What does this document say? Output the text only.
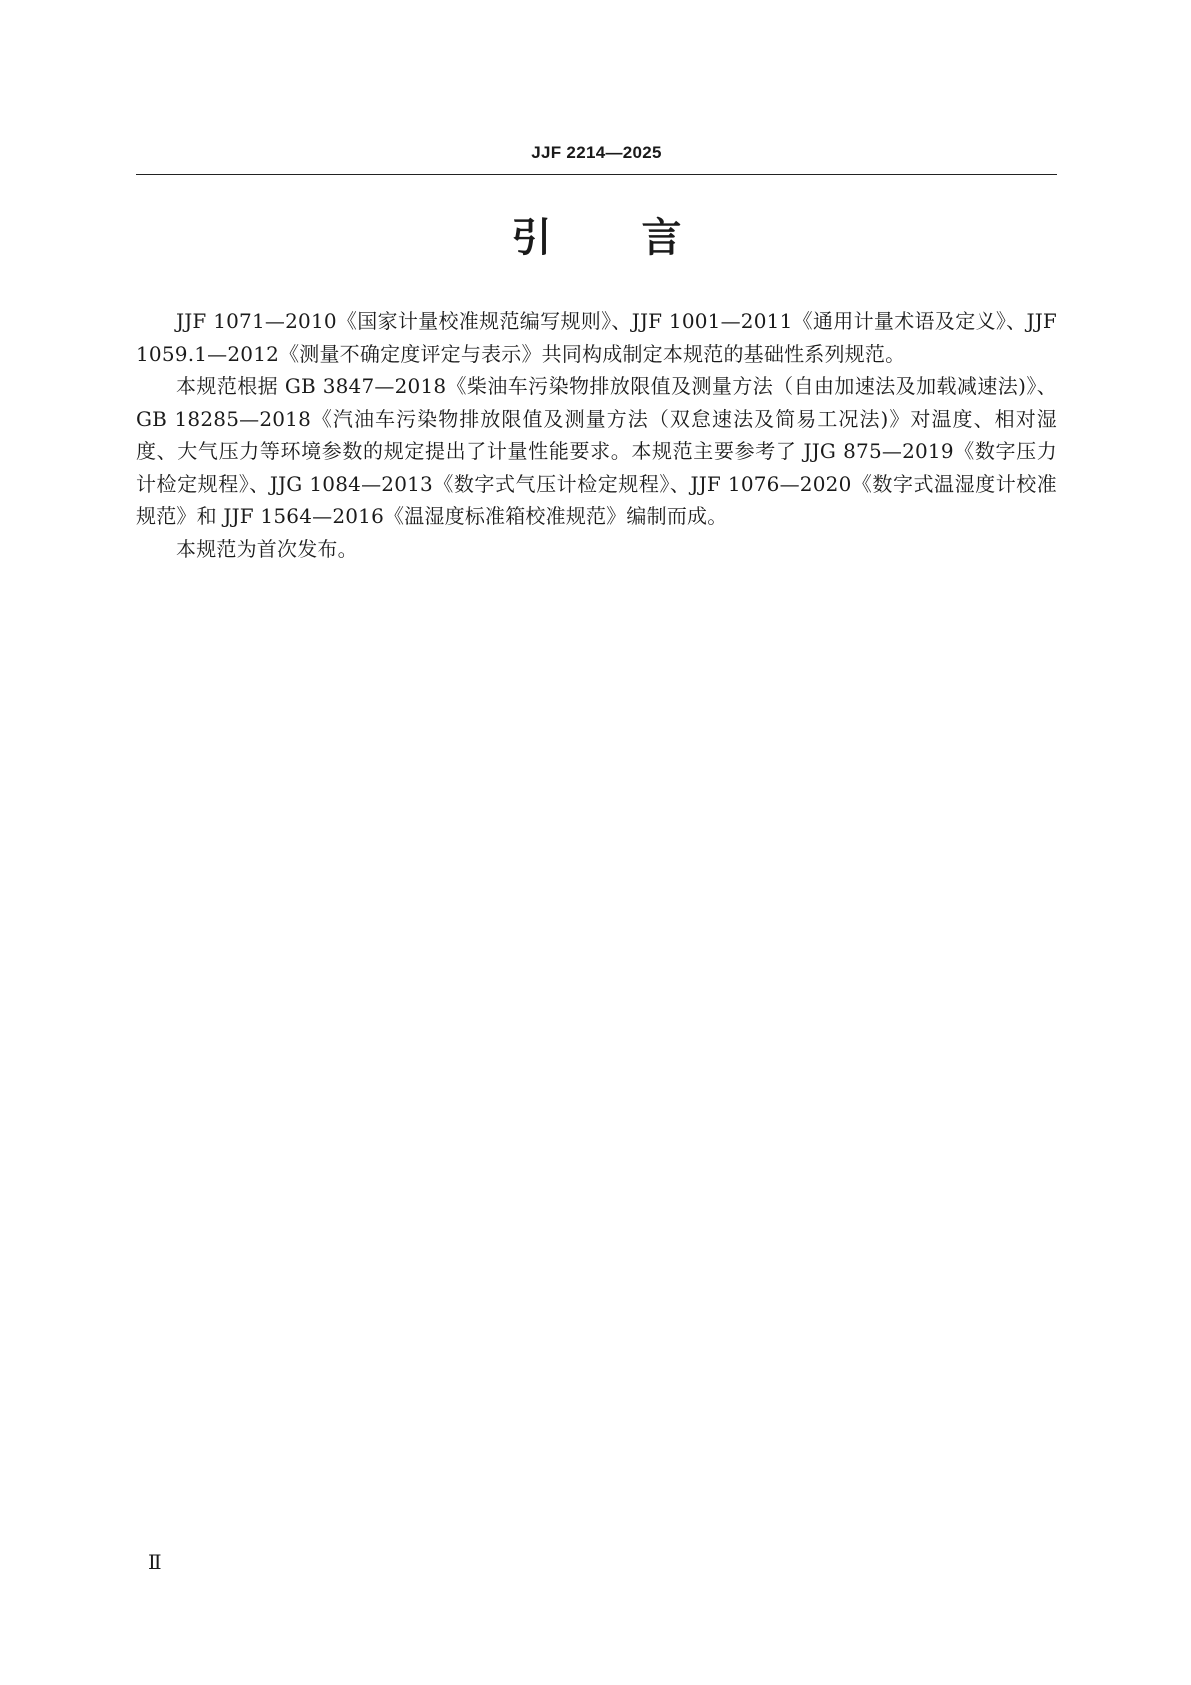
JJF 2214—2025
引 言

JJF 1071—2010《国家计量校准规范编写规则》、JJF 1001—2011《通用计量术语及定义》、JJF 1059.1—2012《测量不确定度评定与表示》共同构成制定本规范的基础性系列规范。

本规范根据 GB 3847—2018《柴油车污染物排放限值及测量方法（自由加速法及加载减速法)》、GB 18285—2018《汽油车污染物排放限值及测量方法（双怠速法及简易工况法)》对温度、相对湿度、大气压力等环境参数的规定提出了计量性能要求。本规范主要参考了 JJG 875—2019《数字压力计检定规程》、JJG 1084—2013《数字式气压计检定规程》、JJF 1076—2020《数字式温湿度计校准规范》和 JJF 1564—2016《温湿度标准箱校准规范》编制而成。

本规范为首次发布。

Ⅱ
